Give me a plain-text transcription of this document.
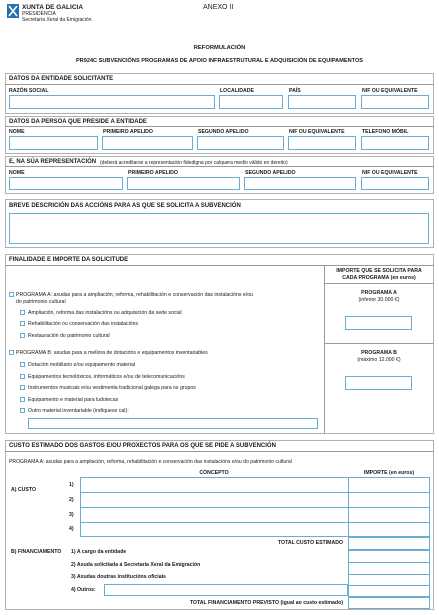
XUNTA DE GALICIA
PRESIDENCIA
Secretaría Xeral da Emigración
ANEXO II
REFORMULACIÓN
PR924C SUBVENCIÓNS PROGRAMAS DE APOIO INFRAESTRUTURAL E ADQUISICIÓN DE EQUIPAMENTOS
DATOS DA ENTIDADE SOLICITANTE
RAZÓN SOCIAL	LOCALIDADE	PAÍS	NIF OU EQUIVALENTE
DATOS DA PERSOA QUE PRESIDE A ENTIDADE
NOME	PRIMEIRO APELIDO	SEGUNDO APELIDO	NIF OU EQUIVALENTE	TELEFONO MÓBIL
E, NA SÚA REPRESENTACIÓN (deberá acreditarse a representación fidedigna por calquera medio válido en dereito)
NOME	PRIMEIRO APELIDO	SEGUNDO APELIDO	NIF OU EQUIVALENTE
BREVE DESCRICIÓN DAS ACCIÓNS PARA AS QUE SE SOLICITA A SUBVENCIÓN
FINALIDADE E IMPORTE DA SOLICITUDE
IMPORTE QUE SE SOLICITA PARA
CADA PROGRAMA (en euros)
PROGRAMA A: axudas para a ampliación, reforma, rehabilitación e conservación das instalacións e/ou
do patrimonio cultural
Ampliación, reforma das instalacións ou adquisición da sede social
Rehabilitación ou conservación das instalacións
Restauración do patrimonio cultural
PROGRAMA A
(inferior 30.000 €)
PROGRAMA B: axudas para a mellora de dotacións e equipamentos inventariables
Dotación mobiliario e/ou equipamento material
Equipamentos tecnolóxicos, informáticos e/ou de telecomunicacións
Instrumentos musicais e/ou vestimenta tradicional galega para os grupos
Equipamento e material para ludotecas
Outro material inventariable (indíquese cal):
PROGRAMA B
(máximo 12.000 €)
CUSTO ESTIMADO DOS GASTOS E/OU PROXECTOS PARA OS QUE SE PIDE A SUBVENCIÓN
PROGRAMA A: axudas para a ampliación, reforma, rehabilitación e conservación das instalacións e/ou do patrimonio cultural
CONCEPTO	IMPORTE (en euros)
A) CUSTO
1)
2)
3)
4)
TOTAL CUSTO ESTIMADO
B) FINANCIAMENTO 1) A cargo da entidade
2) Axuda solicitada á Secretaría Xeral da Emigración
3) Axudas doutras institucións oficiais
4) Outros:
TOTAL FINANCIAMENTO PREVISTO (igual ao custo estimado)
